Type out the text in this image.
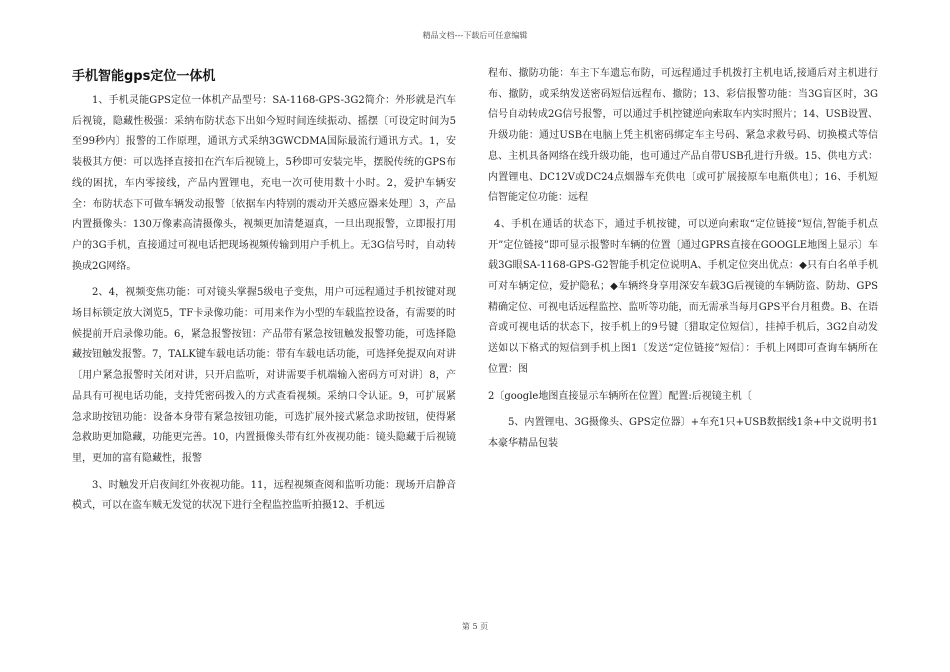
精品文档---下载后可任意编辑
手机智能gps定位一体机

1、手机灵能GPS定位一体机产品型号：SA-1168-GPS-3G2简介：外形就是汽车后视镜，隐藏性极强：采纳布防状态下出如今短时间连续振动、摇摆〔可设定时间为5至99秒内〕报警的工作原理，通讯方式采纳3GWCDMA国际最流行通讯方式。1，安装极其方便：可以选择直接扣在汽车后视镜上，5秒即可安装完毕，摆脱传统的GPS布线的困扰，车内零接线，产品内置锂电，充电一次可使用数十小时。2，爱护车辆安全：布防状态下可做车辆发动报警〔依据车内特别的震动开关感应器来处理〕3，产品内置摄像头：130万像素高清摄像头，视频更加清楚逼真，一旦出现报警，立即报打用户的3G手机，直接通过可视电话把现场视频传输到用户手机上。无3G信号时，自动转换成2G网络。

2、4，视频变焦功能：可对镜头掌握5级电子变焦，用户可远程通过手机按键对现场目标锁定放大浏览5，TF卡录像功能：可用来作为小型的车载监控设备，有需要的时候提前开启录像功能。6，紧急报警按钮：产品带有紧急按钮触发报警功能，可选择隐藏按钮触发报警。7，TALK键车载电话功能：带有车载电话功能，可选择免提双向对讲〔用户紧急报警时关闭对讲，只开启监听，对讲需要手机端输入密码方可对讲〕8，产品具有可视电话功能，支持凭密码拨入的方式查看视频。采纳口令认证。9，可扩展紧急求助按钮功能：设备本身带有紧急按钮功能，可选扩展外接式紧急求助按钮，使得紧急救助更加隐藏，功能更完善。10，内置摄像头带有红外夜视功能：镜头隐藏于后视镜里，更加的富有隐藏性，报警

3、时触发开启夜间红外夜视功能。11，远程视频查阅和监听功能：现场开启静音模式，可以在盗车贼无发觉的状况下进行全程监控监听拍摄12、手机远

程布、撤防功能：车主下车遗忘布防，可远程通过手机拨打主机电话,接通后对主机进行布、撤防，或采纳发送密码短信远程布、撤防；13、彩信报警功能：当3G盲区时，3G信号自动转成2G信号报警，可以通过手机控键逆向索取车内实时照片；14、USB设置、升级功能：通过USB在电脑上凭主机密码绑定车主号码、紧急求救号码、切换模式等信息、主机具备网络在线升级功能，也可通过产品自带USB孔进行升级。15、供电方式：内置锂电、DC12V或DC24点烟器车充供电〔或可扩展接原车电瓶供电〕；16、手机短信智能定位功能：远程

4、手机在通话的状态下，通过手机按键，可以逆向索取“定位链接“短信,智能手机点开”定位链接”即可显示报警时车辆的位置〔通过GPRS直接在GOOGLE地图上显示〕车载3G眼SA-1168-GPS-G2智能手机定位说明A、手机定位突出优点：◆只有白名单手机可对车辆定位，爱护隐私；◆车辆终身享用深安车载3G后视镜的车辆防盗、防劫、GPS精确定位、可视电话远程监控、监听等功能，而无需承当每月GPS平台月租费。B、在语音或可视电话的状态下，按手机上的9号键〔猎取定位短信〕，挂掉手机后，3G2自动发送如以下格式的短信到手机上图1〔发送“定位链接”短信〕：手机上网即可查询车辆所在位置：图

2〔google地图直接显示车辆所在位置〕配置:后视镜主机〔

5、内置锂电、3G摄像头、GPS定位器〕+车充1只+USB数据线1条+中文说明书1本豪华精品包装

第 5 页
